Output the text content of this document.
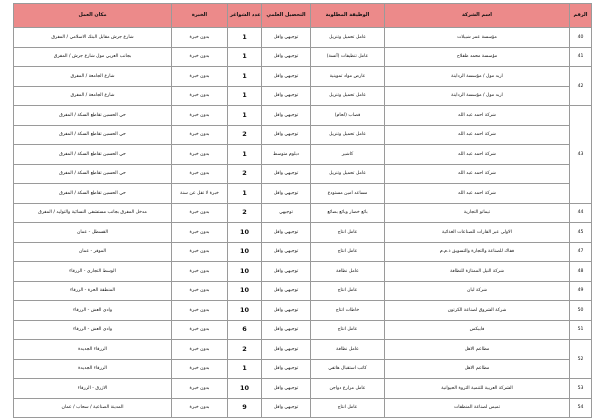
مكان العمل	الخبرة	عدد الشواغر	التحصيل العلمي	الوظيفة المطلوبة	اسم الشركة	الرقم
شارع جرش مقابل البنك الاسلامي / المفرق	بدون خبرة	1	توجيهي واقل	عامل تحميل وتنزيل	مؤسسة عمر شيبلات	40
بجانب العربي مول شارع جرش / المفرق	بدون خبرة	1	توجيهي واقل	عامل تنظيفات (آنسة)	مؤسسة محمد ظفلاح	41
شارع الجامعة / المفرق	بدون خبرة	1	توجيهي واقل	عارض مواد تموينية	اربد مول / مؤسسة الرداينة	42
شارع الجامعة / المفرق	بدون خبرة	1	توجيهي واقل	عامل تحميل وتنزيل	اربد مول / مؤسسة الرداينة	
حي الحسين تقاطع السكة / المفرق	بدون خبرة	1	توجيهي واقل	قصاب (لحام)	شركة احمد عبد الله	43
حي الحسين تقاطع السكة / المفرق	بدون خبرة	2	توجيهي واقل	عامل تحميل وتنزيل	شركة احمد عبد الله	
حي الحسين تقاطع السكة / المفرق	بدون خبرة	1	دبلوم متوسط	كاشير	شركة احمد عبد الله	
حي الحسين تقاطع السكة / المفرق	بدون خبرة	2	توجيهي واقل	عامل تحميل وتنزيل	شركة احمد عبد الله	
حي الحسين تقاطع السكة / المفرق	خبرة لا تقل عن سنة	1	توجيهي واقل	مساعد امين مستودع	شركة احمد عبد الله	
مدخل المفرق بجانب مستشفى النسائية والتوليد / المفرق	بدون خبرة	2	توجيهي	بائع خضار وبائع بضائع	تيماتو التجارية	44
القسطل - عمان	بدون خبرة	10	توجيهي واقل	عامل انتاج	الاولى عبر القارات للصناعات الغذائية	45
الموقر - عمان	بدون خبرة	10	توجيهي واقل	عامل انتاج	ففاك للصناعة والتجارة والتسويق ذ.م.م	47
الوسط التجاري - الزرقاء	بدون خبرة	10	توجيهي واقل	عامل نظافة	شركة النيل الممتازة للنظافة	48
المنطقة الحرة - الزرقاء	بدون خبرة	10	توجيهي واقل	عامل انتاج	شركة لبان	49
وادي العش - الزرقاء	بدون خبرة	10	توجيهي واقل	خاطات انتاج	شركة الشروق لصناعة الكرتون	50
وادي العش - الزرقاء	بدون خبرة	6	توجيهي واقل	عامل انتاج	فابيكس	51
الزرقاء الجديدة	بدون خبرة	2	توجيهي واقل	عامل نظافة	مطاعم الاهل	52
الزرقاء الجديدة	بدون خبرة	1	توجيهي واقل	كاتب استقبال هاتفي	مطاعم الاهل	
الازرق - الزرقاء	بدون خبرة	10	توجيهي واقل	عامل مزارع دواجن	الشركة العربية للتنمية الثروة الحيوانية	53
المدينة الصناعية / سحاب / عمان	بدون خبرة	9	توجيهي واقل	عامل انتاج	تميس لصناعة المنظفات	54
